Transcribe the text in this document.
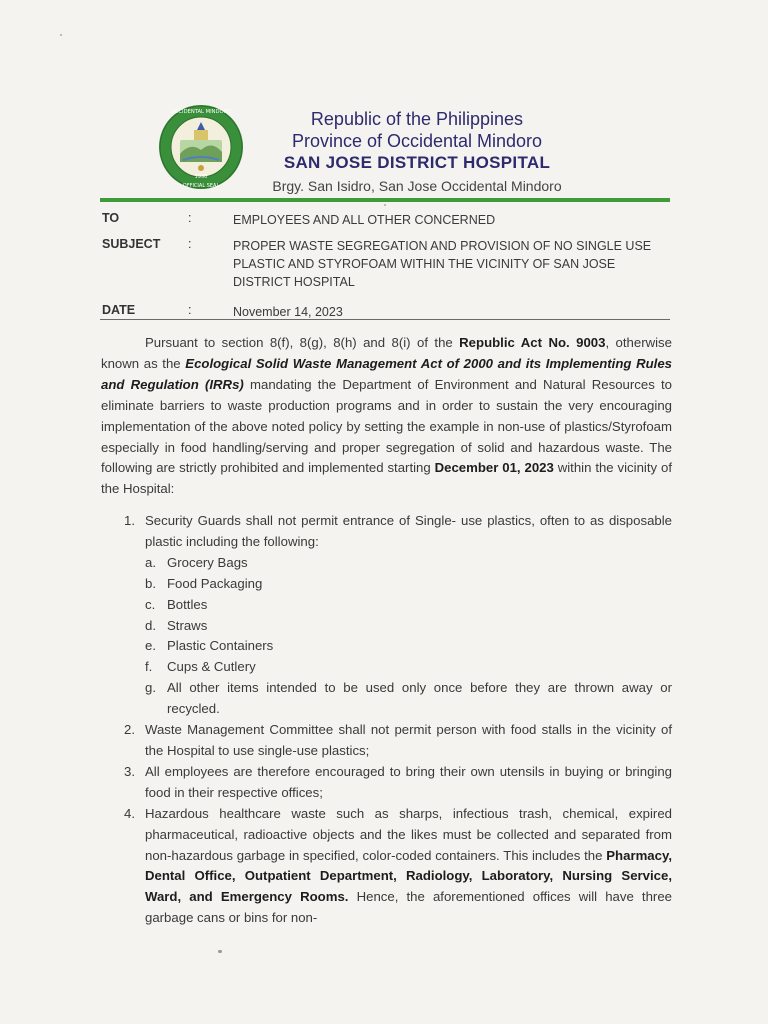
1950
OCCIDENTAL MINDORO
OFFICIAL SEAL
Republic of the Philippines
Province of Occidental Mindoro
SAN JOSE DISTRICT HOSPITAL
Brgy. San Isidro, San Jose Occidental Mindoro
TO	:	EMPLOYEES AND ALL OTHER CONCERNED
SUBJECT :	PROPER WASTE SEGREGATION AND PROVISION OF NO SINGLE USE PLASTIC AND STYROFOAM WITHIN THE VICINITY OF SAN JOSE DISTRICT HOSPITAL
DATE	:	November 14, 2023
Pursuant to section 8(f), 8(g), 8(h) and 8(i) of the Republic Act No. 9003, otherwise known as the Ecological Solid Waste Management Act of 2000 and its Implementing Rules and Regulation (IRRs) mandating the Department of Environment and Natural Resources to eliminate barriers to waste production programs and in order to sustain the very encouraging implementation of the above noted policy by setting the example in non-use of plastics/Styrofoam especially in food handling/serving and proper segregation of solid and hazardous waste. The following are strictly prohibited and implemented starting December 01, 2023 within the vicinity of the Hospital:
1. Security Guards shall not permit entrance of Single- use plastics, often to as disposable plastic including the following:
a. Grocery Bags
b. Food Packaging
c. Bottles
d. Straws
e. Plastic Containers
f. Cups & Cutlery
g. All other items intended to be used only once before they are thrown away or recycled.
2. Waste Management Committee shall not permit person with food stalls in the vicinity of the Hospital to use single-use plastics;
3. All employees are therefore encouraged to bring their own utensils in buying or bringing food in their respective offices;
4. Hazardous healthcare waste such as sharps, infectious trash, chemical, expired pharmaceutical, radioactive objects and the likes must be collected and separated from non-hazardous garbage in specified, color-coded containers. This includes the Pharmacy, Dental Office, Outpatient Department, Radiology, Laboratory, Nursing Service, Ward, and Emergency Rooms. Hence, the aforementioned offices will have three garbage cans or bins for non-
